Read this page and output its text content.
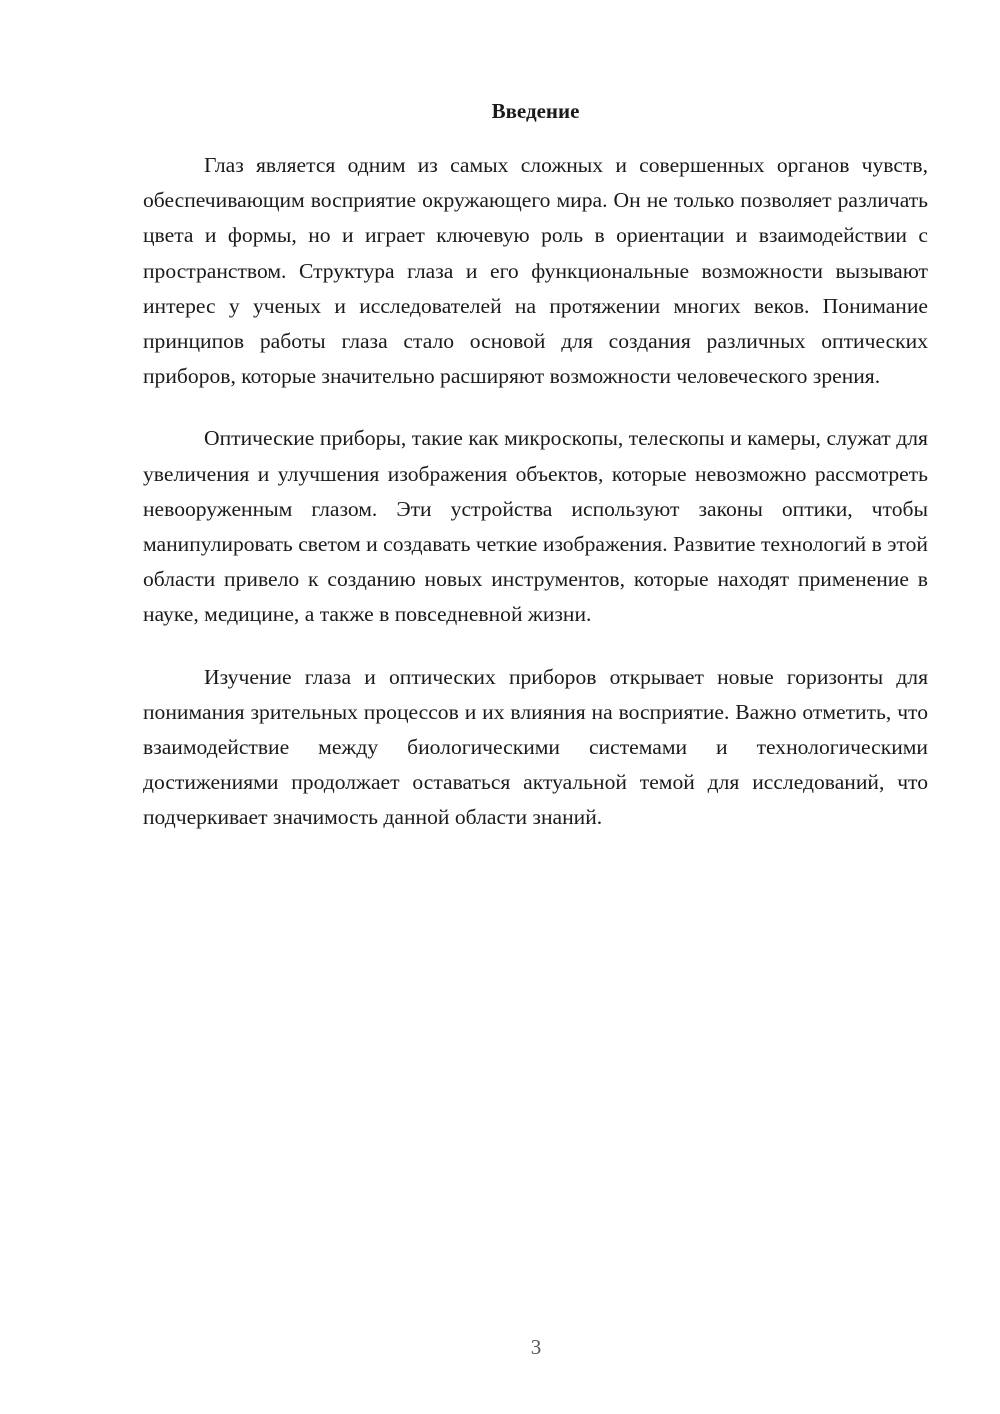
Введение

Глаз является одним из самых сложных и совершенных органов чувств, обеспечивающим восприятие окружающего мира. Он не только позволяет различать цвета и формы, но и играет ключевую роль в ориентации и взаимодействии с пространством. Структура глаза и его функциональные возможности вызывают интерес у ученых и исследователей на протяжении многих веков. Понимание принципов работы глаза стало основой для создания различных оптических приборов, которые значительно расширяют возможности человеческого зрения.

Оптические приборы, такие как микроскопы, телескопы и камеры, служат для увеличения и улучшения изображения объектов, которые невозможно рассмотреть невооруженным глазом. Эти устройства используют законы оптики, чтобы манипулировать светом и создавать четкие изображения. Развитие технологий в этой области привело к созданию новых инструментов, которые находят применение в науке, медицине, а также в повседневной жизни.

Изучение глаза и оптических приборов открывает новые горизонты для понимания зрительных процессов и их влияния на восприятие. Важно отметить, что взаимодействие между биологическими системами и технологическими достижениями продолжает оставаться актуальной темой для исследований, что подчеркивает значимость данной области знаний.

3
